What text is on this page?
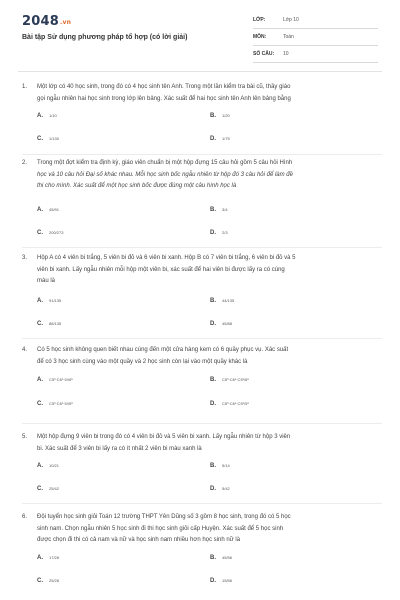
2048.vn
Bài tập Sử dụng phương pháp tổ hợp (có lời giải)
LỚP:	Lớp 10
MÔN:	Toán
SỐ CÂU: 10
1. Một lớp có 40 học sinh, trong đó có 4 học sinh tên Anh. Trong một lần kiểm tra bài cũ, thầy giáo
gọi ngẫu nhiên hai học sinh trong lớp lên bảng. Xác suất để hai học sinh tên Anh lên bảng bằng
A. 1/10	B. 1/20
C. 1/130	D. 1/75
2. Trong một đợt kiểm tra định kỳ, giáo viên chuẩn bị một hộp đựng 15 câu hỏi gồm 5 câu hỏi Hình
học và 10 câu hỏi Đại số khác nhau. Mỗi học sinh bốc ngẫu nhiên từ hộp đó 3 câu hỏi để làm đề
thi cho mình. Xác suất để một học sinh bốc được đúng một câu hình học là
A. 45/91	B. 3/4
C. 200/273	D. 2/3
3. Hộp A có 4 viên bi trắng, 5 viên bi đỏ và 6 viên bi xanh. Hộp B có 7 viên bi trắng, 6 viên bi đỏ và 5
viên bi xanh. Lấy ngẫu nhiên mỗi hộp một viên bi, xác suất để hai viên bi được lấy ra có cùng
màu là
A. 91/135	B. 44/135
C. 88/135	D. 45/88
4. Có 5 học sinh không quen biết nhau cùng đến một cửa hàng kem có 6 quầy phục vụ. Xác suất
để có 3 học sinh cùng vào một quầy và 2 học sinh còn lại vào một quầy khác là
A. C5³·C6¹·5!/6⁵	B. C5³·C6¹·C5¹/6⁵
C. C5³·C6¹·5!/5⁶	D. C5³·C6¹·C5¹/5⁶
5. Một hộp đựng 9 viên bi trong đó có 4 viên bi đỏ và 5 viên bi xanh. Lấy ngẫu nhiên từ hộp 3 viên
bi. Xác suất để 3 viên bi lấy ra có ít nhất 2 viên bi màu xanh là
A. 10/21	B. 5/14
C. 25/42	D. 5/42
6. Đội tuyển học sinh giỏi Toán 12 trường THPT Yên Dũng số 3 gồm 8 học sinh, trong đó có 5 học
sinh nam. Chọn ngẫu nhiên 5 học sinh đi thi học sinh giỏi cấp Huyện. Xác suất để 5 học sinh
được chọn đi thi có cả nam và nữ và học sinh nam nhiều hơn học sinh nữ là
A. 17/28	B. 45/56
C. 25/28	D. 15/56
